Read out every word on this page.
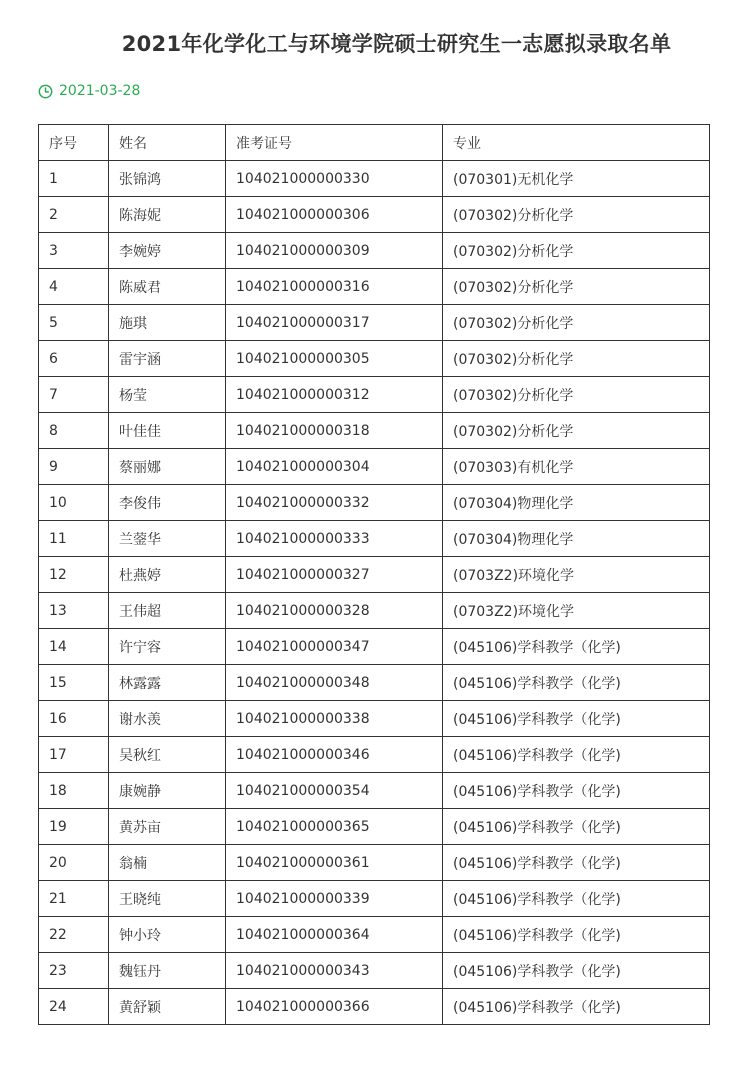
2021年化学化工与环境学院硕士研究生一志愿拟录取名单
2021-03-28
序号	姓名	准考证号	专业
1	张锦鸿	104021000000330	(070301)无机化学
2	陈海妮	104021000000306	(070302)分析化学
3	李婉婷	104021000000309	(070302)分析化学
4	陈威君	104021000000316	(070302)分析化学
5	施琪	104021000000317	(070302)分析化学
6	雷宇涵	104021000000305	(070302)分析化学
7	杨莹	104021000000312	(070302)分析化学
8	叶佳佳	104021000000318	(070302)分析化学
9	蔡丽娜	104021000000304	(070303)有机化学
10	李俊伟	104021000000332	(070304)物理化学
11	兰蓥华	104021000000333	(070304)物理化学
12	杜燕婷	104021000000327	(0703Z2)环境化学
13	王伟超	104021000000328	(0703Z2)环境化学
14	许宁容	104021000000347	(045106)学科教学（化学)
15	林露露	104021000000348	(045106)学科教学（化学)
16	谢水羡	104021000000338	(045106)学科教学（化学)
17	吴秋红	104021000000346	(045106)学科教学（化学)
18	康婉静	104021000000354	(045106)学科教学（化学)
19	黄苏亩	104021000000365	(045106)学科教学（化学)
20	翁楠	104021000000361	(045106)学科教学（化学)
21	王晓纯	104021000000339	(045106)学科教学（化学)
22	钟小玲	104021000000364	(045106)学科教学（化学)
23	魏钰丹	104021000000343	(045106)学科教学（化学)
24	黄舒颖	104021000000366	(045106)学科教学（化学)
